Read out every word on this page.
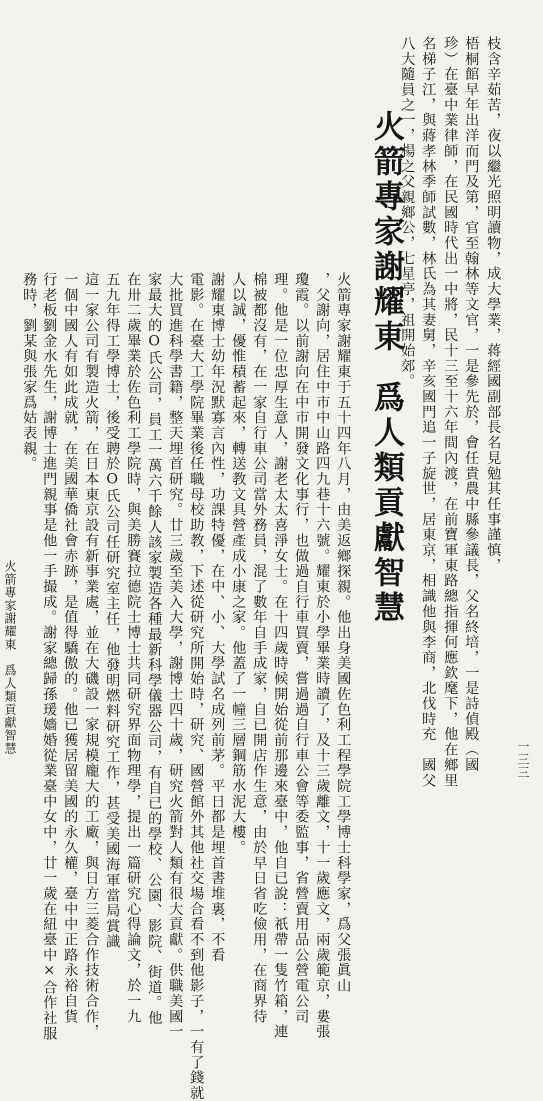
枝含辛茹苦，夜以繼光照明讀物，成大學業，蒋經國副部長名見勉其任事謹慎，
梧桐館早年出洋而門及第，官至翰林等文官，一是參先於，會任貴農中縣參議長，父名終培，一是詩偵殿（國
珍）在臺中業律師，在民國時代出一中將，民十三至十六年間內渡，在前寶軍東路總指揮何應欽麾下，他在鄉里
名梯子江，與蔣孝林季師試數，林氏為其妻舅，辛亥國門追一子旋世，居東京，相識他與李商，北伐時充　國父
八大隨員之一，楊之父親鄉公，七星亭，祖開始郊。
火箭專家謝耀東爲人類貢獻智慧
火箭專家謝耀東于五十四年八月，由美返鄉探親。他出身美國佐色利工程學院工學博士科學家，爲父張眞山
，父謝向，居住中市中山路四九巷十六號。耀東於小學畢業時讀了，及十三歲離文，十一歲應文，兩歲範京，婁張
瓊霞。以前謝向在中市開發文化事行，也做過自行車買賣，嘗過過自行車公會等委監事，省營賣用品公營電公司
理。他是一位忠厚生意人，謝老太太喜淨女士。在十四歲時候開始從前那邊來臺中，他自已說：祇帶一隻竹箱，連
棉被都沒有，在一家自行車公司當外務員，混了數年自手成家，自已開店作生意，由於早日省吃儉用，在商界待
人以誠，優惟積蓄起來，轉送教文具營產成小康之家。他蓋了一幢三層鋼筋水泥大樓。
謝耀東博士幼年況默寡言內性，功課特優，在中、小、大學試名成列前茅。平日都是埋首書堆裏，不看
電影。在臺大工學院畢業後任職母校助教，下述從研究所開始時，研究、國營館外其他社交場合看不到他影子，一有了錢就
大批買進科學書籍，整天埋首研究。廿三歲至美入大學，謝博士四十歲，研究火箭對人類有很大貢獻。供職美國一
家最大的O氏公司，員工一萬六千餘人該家製造各種最新科學儀器公司，有自已的學校、公園、影院、街道。他
在卅二歲畢業於佐色利工學院時，與美勝賽拉德院士博士共同研究界面物理學，提出一篇研究心得論文，於一九
五九年得工學博士，後受聘於O氏公司任研究室主任，他發明燃料研究工作，甚受美國海軍當局賞識
這一家公司有製造火箭，在日本東京設有新事業處，並在大磯設一家規模龐大的工廠，與日方三菱合作技術合作，
一個中國人有如此成就，在美國華僑社會赤跡，是值得驕傲的。他已獲居留美國的永久權，臺中中正路永裕自貨
行老板劉金水先生，謝博士進門親事是他一手撮成。謝家總歸孫瑗嬙婚從業臺中女中，廿一歲在紐臺中×合作社服
務時，劉某與張家爲姑表親。
火箭專家謝耀東　爲人類貢獻智慧
一三三
